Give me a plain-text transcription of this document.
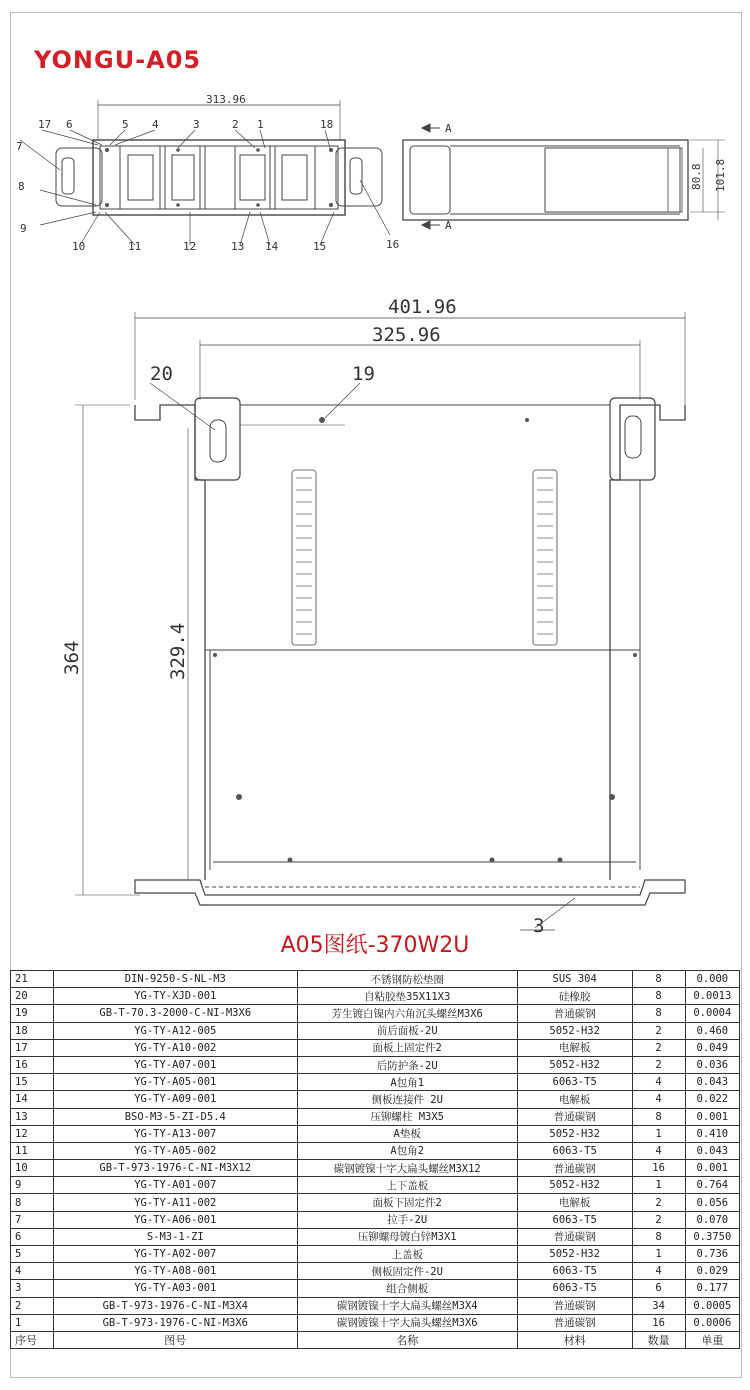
YONGU-A05
313.96
A
A
80.8 101.8
17 6	5 4	3	2 1	18
7
8
9
10	11	12	13 14	15	16
401.96
325.96
364	329.4
20	19
3
A05图纸-370W2U
21	DIN-9250-S-NL-M3	不锈钢防松垫圈	SUS 304	8	0.000
20	YG-TY-XJD-001	自粘胶垫35X11X3	硅橡胶	8	0.0013
19	GB-T-70.3-2000-C-NI-M3X6	芳生镀白镍内六角沉头螺丝M3X6	普通碳钢	8	0.0004
18	YG-TY-A12-005	前后面板-2U	5052-H32	2	0.460
17	YG-TY-A10-002	面板上固定件2	电解板	2	0.049
16	YG-TY-A07-001	后防护条-2U	5052-H32	2	0.036
15	YG-TY-A05-001	A包角1	6063-T5	4	0.043
14	YG-TY-A09-001	侧板连接件 2U	电解板	4	0.022
13	BSO-M3-5-ZI-D5.4	压铆螺柱 M3X5	普通碳钢	8	0.001
12	YG-TY-A13-007	A垫板	5052-H32	1	0.410
11	YG-TY-A05-002	A包角2	6063-T5	4	0.043
10	GB-T-973-1976-C-NI-M3X12	碳钢镀镍十字大扁头螺丝M3X12	普通碳钢	16	0.001
9	YG-TY-A01-007	上下盖板	5052-H32	1	0.764
8	YG-TY-A11-002	面板下固定件2	电解板	2	0.056
7	YG-TY-A06-001	拉手-2U	6063-T5	2	0.070
6	S-M3-1-ZI	压铆螺母镀白锌M3X1	普通碳钢	8	0.3750
5	YG-TY-A02-007	上盖板	5052-H32	1	0.736
4	YG-TY-A08-001	侧板固定件-2U	6063-T5	4	0.029
3	YG-TY-A03-001	组合侧板	6063-T5	6	0.177
2	GB-T-973-1976-C-NI-M3X4	碳钢镀镍十字大扁头螺丝M3X4	普通碳钢	34	0.0005
1	GB-T-973-1976-C-NI-M3X6	碳钢镀镍十字大扁头螺丝M3X6	普通碳钢	16	0.0006
序号	图号	名称	材料	数量	单重
